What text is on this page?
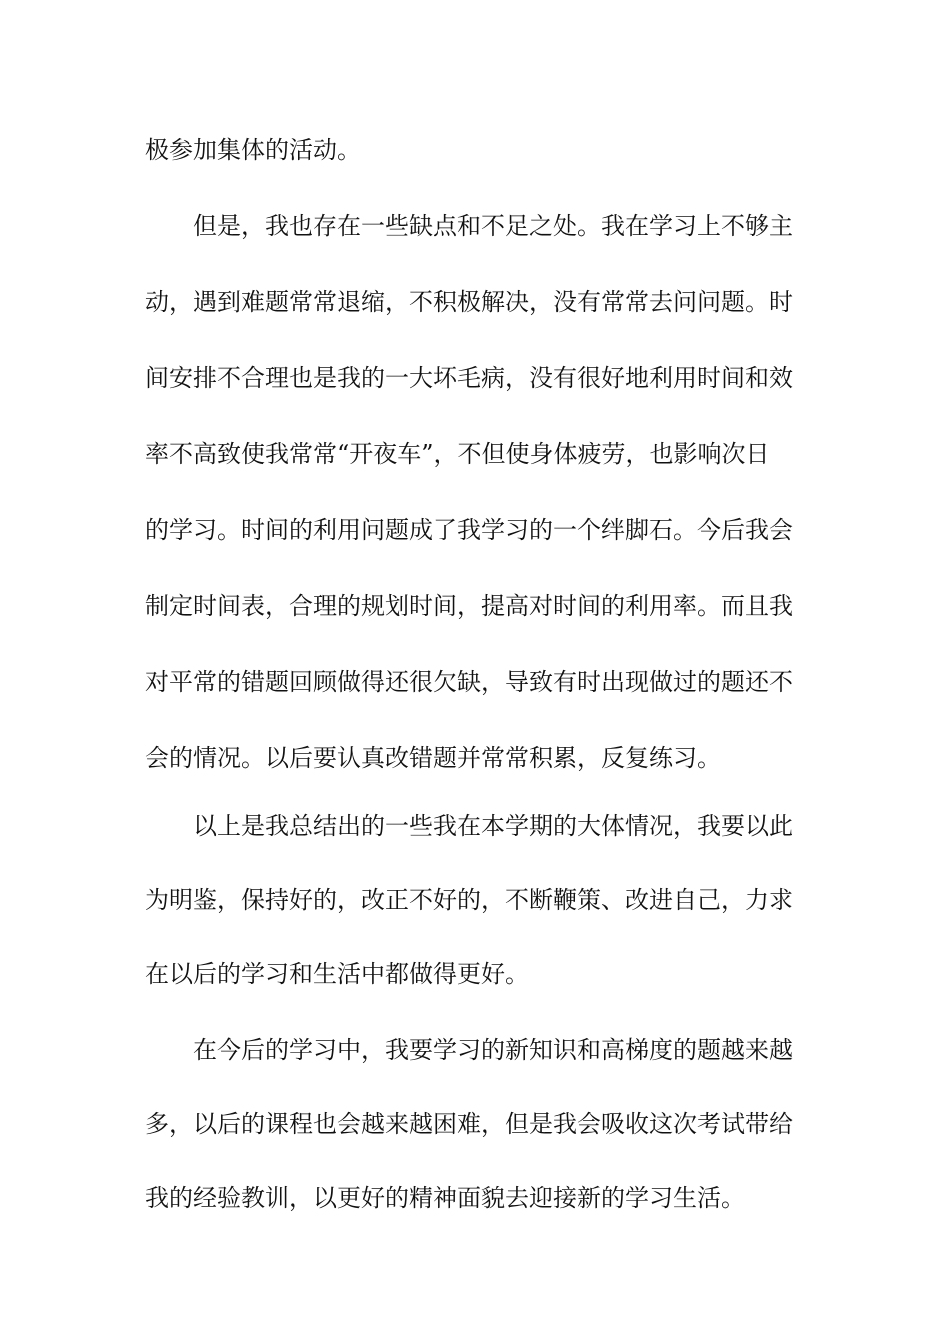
极参加集体的活动。
但是，我也存在一些缺点和不足之处。我在学习上不够主
动，遇到难题常常退缩，不积极解决，没有常常去问问题。时
间安排不合理也是我的一大坏毛病，没有很好地利用时间和效
率不高致使我常常“开夜车”，不但使身体疲劳，也影响次日
的学习。时间的利用问题成了我学习的一个绊脚石。今后我会
制定时间表，合理的规划时间，提高对时间的利用率。而且我
对平常的错题回顾做得还很欠缺，导致有时出现做过的题还不
会的情况。以后要认真改错题并常常积累，反复练习。
以上是我总结出的一些我在本学期的大体情况，我要以此
为明鉴，保持好的，改正不好的，不断鞭策、改进自己，力求
在以后的学习和生活中都做得更好。
在今后的学习中，我要学习的新知识和高梯度的题越来越
多，以后的课程也会越来越困难，但是我会吸收这次考试带给
我的经验教训，以更好的精神面貌去迎接新的学习生活。
